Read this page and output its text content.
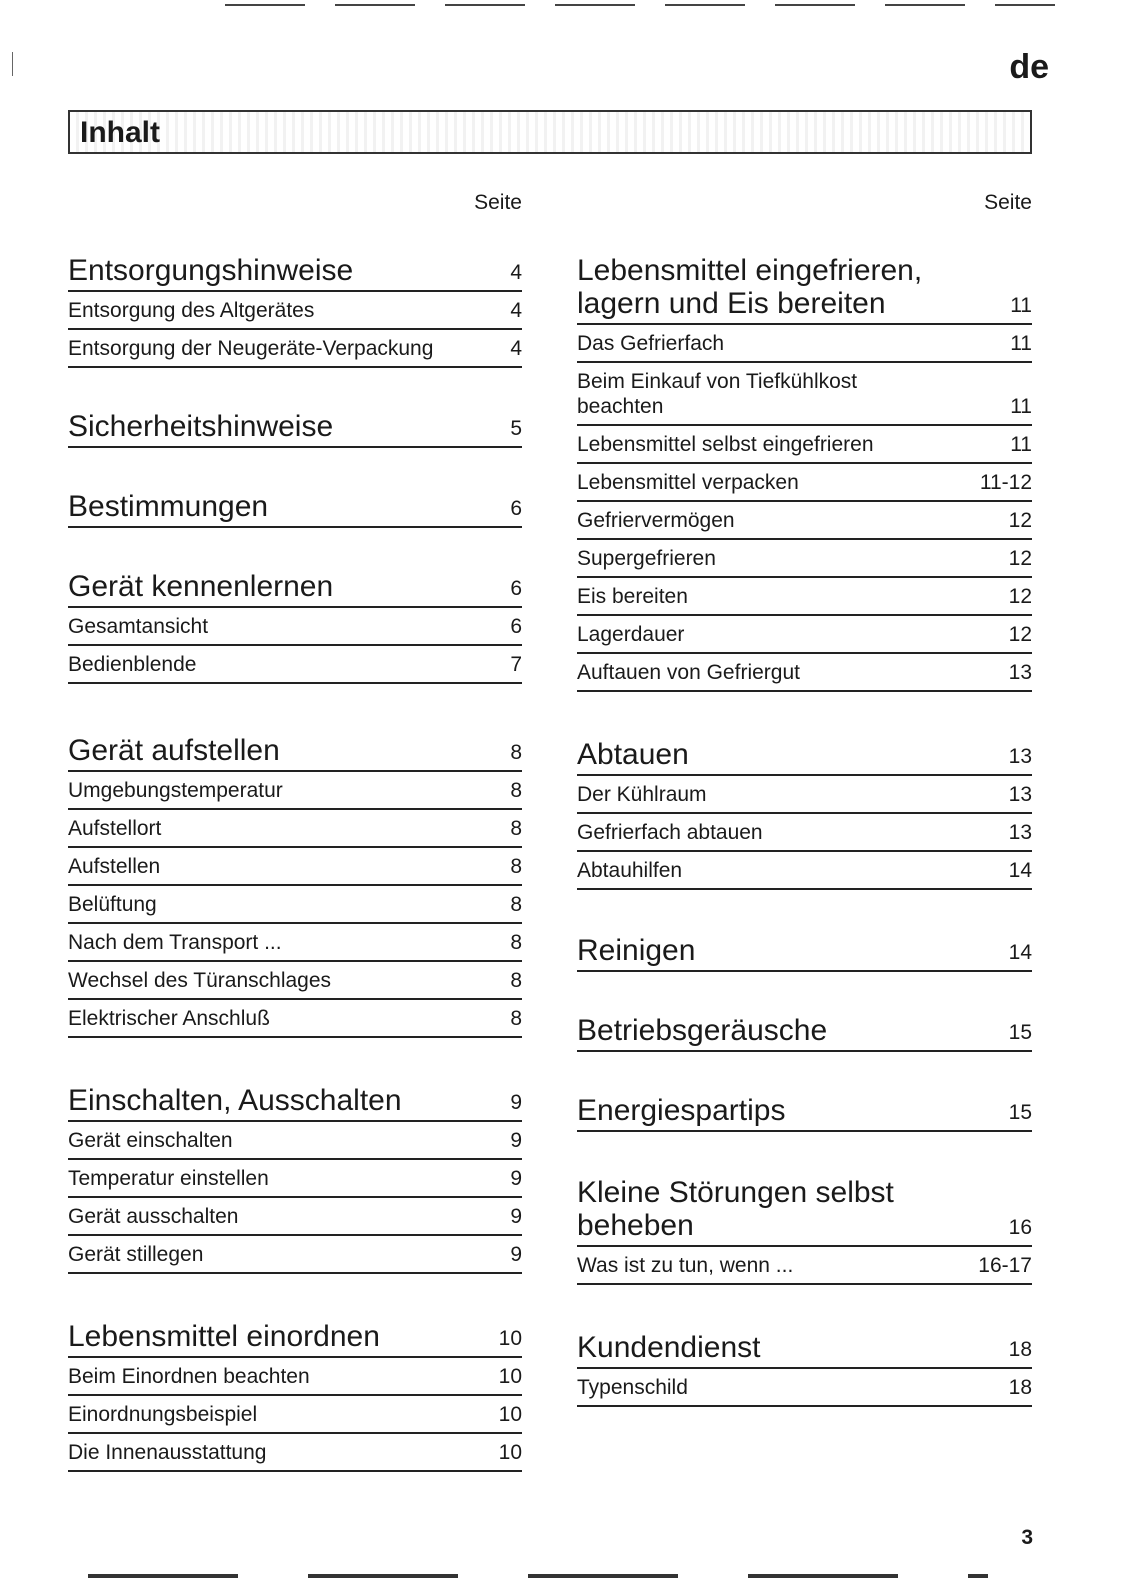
de
Inhalt
Seite
Entsorgungshinweise	4
Entsorgung des Altgerätes	4
Entsorgung der Neugeräte-Verpackung	4
Sicherheitshinweise	5
Bestimmungen	6
Gerät kennenlernen	6
Gesamtansicht	6
Bedienblende	7
Gerät aufstellen	8
Umgebungstemperatur	8
Aufstellort	8
Aufstellen	8
Belüftung	8
Nach dem Transport ...	8
Wechsel des Türanschlages	8
Elektrischer Anschluß	8
Einschalten, Ausschalten	9
Gerät einschalten	9
Temperatur einstellen	9
Gerät ausschalten	9
Gerät stillegen	9
Lebensmittel einordnen	10
Beim Einordnen beachten	10
Einordnungsbeispiel	10
Die Innenausstattung	10
Seite
Lebensmittel eingefrieren, lagern und Eis bereiten	11
Das Gefrierfach	11
Beim Einkauf von Tiefkühlkost beachten	11
Lebensmittel selbst eingefrieren	11
Lebensmittel verpacken	11-12
Gefriervermögen	12
Supergefrieren	12
Eis bereiten	12
Lagerdauer	12
Auftauen von Gefriergut	13
Abtauen	13
Der Kühlraum	13
Gefrierfach abtauen	13
Abtauhilfen	14
Reinigen	14
Betriebsgeräusche	15
Energiespartips	15
Kleine Störungen selbst beheben	16
Was ist zu tun, wenn ...	16-17
Kundendienst	18
Typenschild	18
3
